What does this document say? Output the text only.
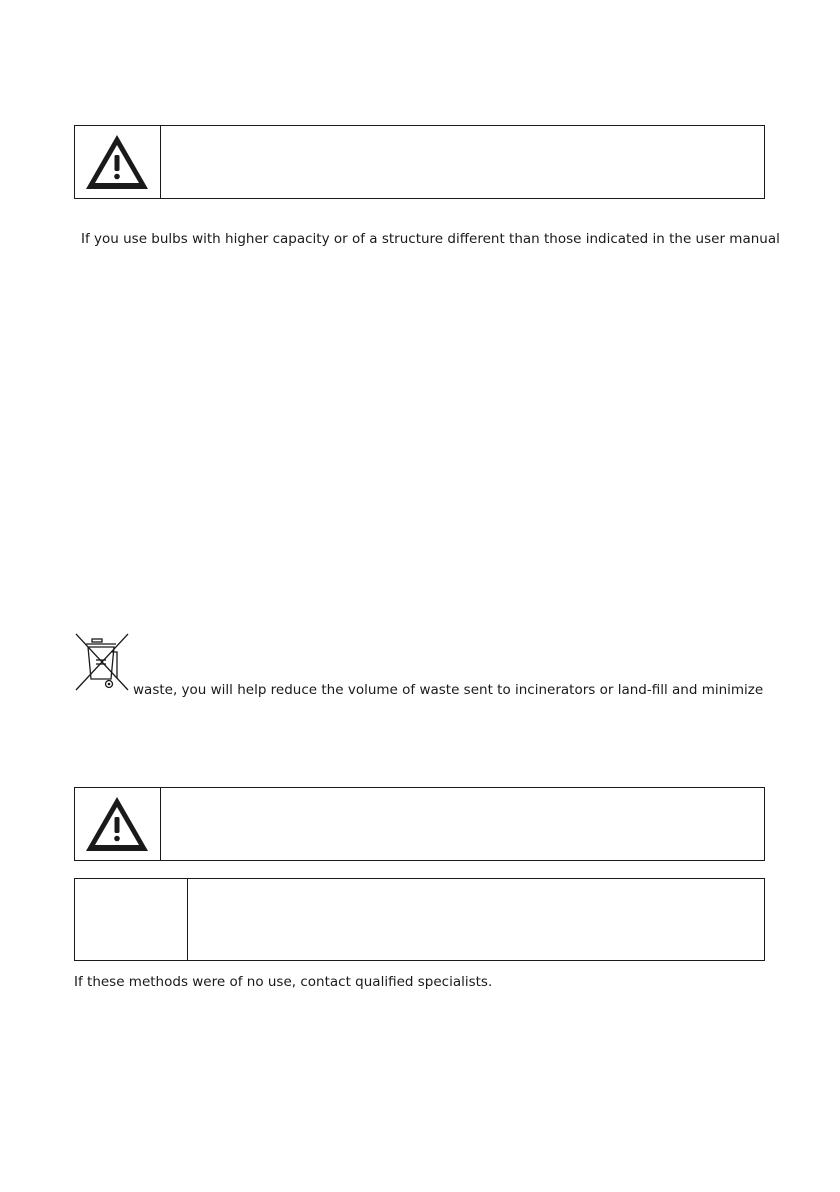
If you use bulbs with higher capacity or of a structure different than those indicated in the user manual
waste, you will help reduce the volume of waste sent to incinerators or land-fill and minimize
If these methods were of no use, contact qualified specialists.
